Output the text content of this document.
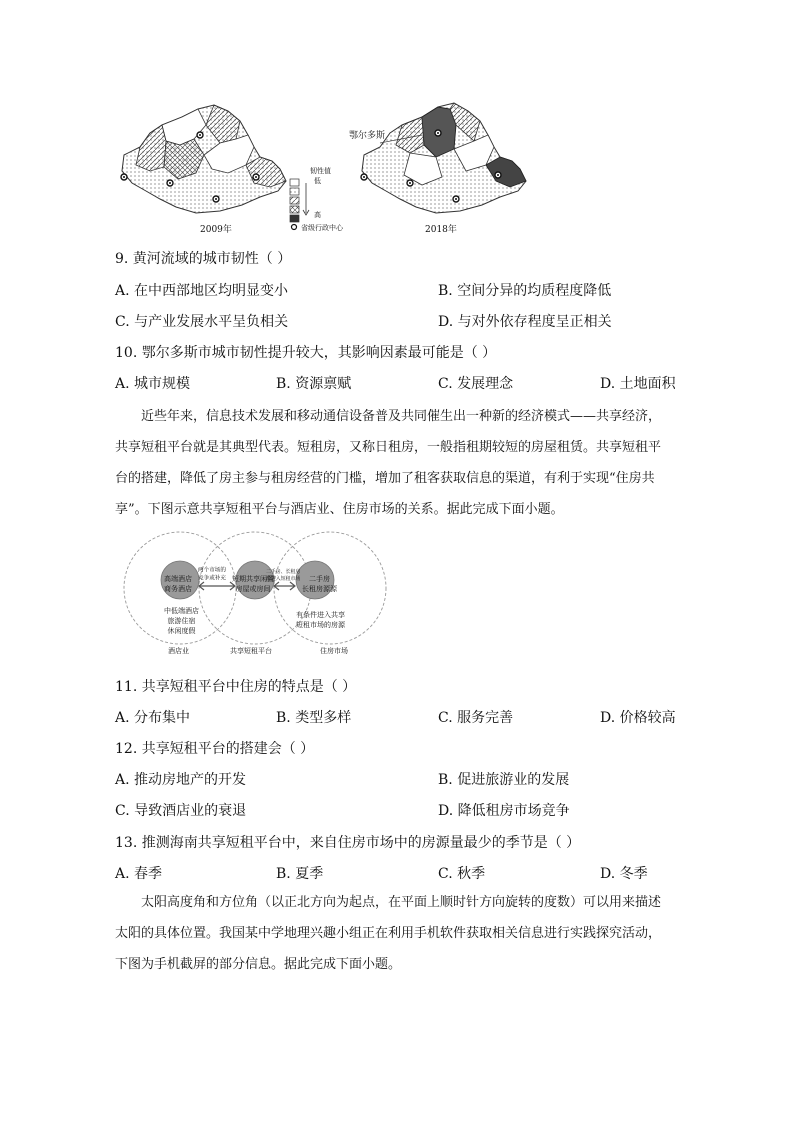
2009年	2018年
鄂尔多斯
韧性值
低
高
省级行政中心
9. 黄河流域的城市韧性（ ）
A. 在中西部地区均明显变小	B. 空间分异的均质程度降低
C. 与产业发展水平呈负相关	D. 与对外依存程度呈正相关
10. 鄂尔多斯市城市韧性提升较大，其影响因素最可能是（ ）
A. 城市规模	B. 资源禀赋	C. 发展理念	D. 土地面积
近些年来，信息技术发展和移动通信设备普及共同催生出一种新的经济模式——共享经济，
共享短租平台就是其典型代表。短租房，又称日租房，一般指租期较短的房屋租赁。共享短租平
台的搭建，降低了房主参与租房经营的门槛，增加了租客获取信息的渠道，有利于实现“住房共
享”。下图示意共享短租平台与酒店业、住房市场的关系。据此完成下面小题。
高端酒店
商务酒店
短期共享闲置
房屋或房间
二手房
长租房源源
两个市场的
竞争或补充
二手房、长租房
源进入短租市场
中低端酒店
旅游住宿
休闲度假
有条件进入共享
短租市场的房源
酒店业	共享短租平台	住房市场
11. 共享短租平台中住房的特点是（ ）
A. 分布集中	B. 类型多样	C. 服务完善	D. 价格较高
12. 共享短租平台的搭建会（ ）
A. 推动房地产的开发	B. 促进旅游业的发展
C. 导致酒店业的衰退	D. 降低租房市场竞争
13. 推测海南共享短租平台中，来自住房市场中的房源量最少的季节是（ ）
A. 春季	B. 夏季	C. 秋季	D. 冬季
太阳高度角和方位角（以正北方向为起点，在平面上顺时针方向旋转的度数）可以用来描述
太阳的具体位置。我国某中学地理兴趣小组正在利用手机软件获取相关信息进行实践探究活动，
下图为手机截屏的部分信息。据此完成下面小题。
